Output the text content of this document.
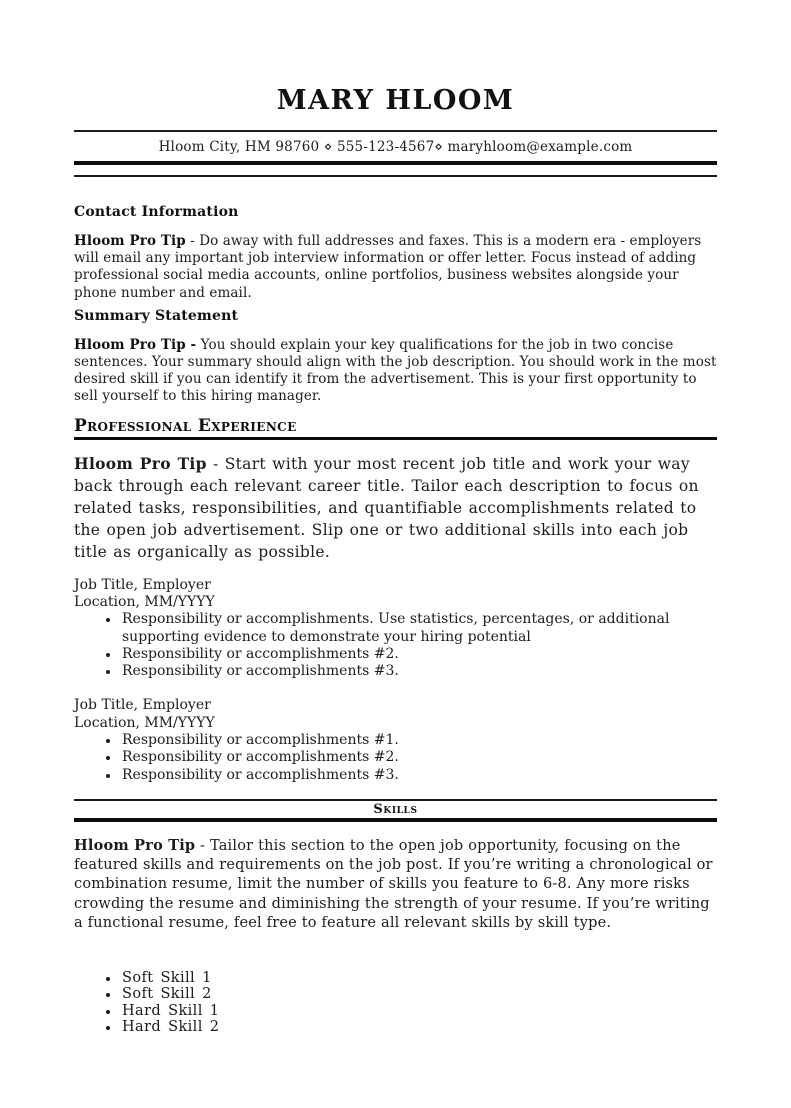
MARY HLOOM
Hloom City, HM 98760 ⋄ 555-123-4567⋄ maryhloom@example.com
Contact Information

Hloom Pro Tip - Do away with full addresses and faxes. This is a modern era - employers will email any important job interview information or offer letter. Focus instead of adding professional social media accounts, online portfolios, business websites alongside your phone number and email.

Summary Statement

Hloom Pro Tip - You should explain your key qualifications for the job in two concise sentences. Your summary should align with the job description. You should work in the most desired skill if you can identify it from the advertisement. This is your first opportunity to sell yourself to this hiring manager.

Professional Experience

Hloom Pro Tip - Start with your most recent job title and work your way back through each relevant career title. Tailor each description to focus on related tasks, responsibilities, and quantifiable accomplishments related to the open job advertisement. Slip one or two additional skills into each job title as organically as possible.

Job Title, Employer
Location, MM/YYYY
• Responsibility or accomplishments. Use statistics, percentages, or additional supporting evidence to demonstrate your hiring potential
• Responsibility or accomplishments #2.
• Responsibility or accomplishments #3.
Job Title, Employer
Location, MM/YYYY
• Responsibility or accomplishments #1.
• Responsibility or accomplishments #2.
• Responsibility or accomplishments #3.
Skills

Hloom Pro Tip - Tailor this section to the open job opportunity, focusing on the featured skills and requirements on the job post. If you’re writing a chronological or combination resume, limit the number of skills you feature to 6-8. Any more risks crowding the resume and diminishing the strength of your resume. If you’re writing a functional resume, feel free to feature all relevant skills by skill type.

• Soft Skill 1
• Soft Skill 2
• Hard Skill 1
• Hard Skill 2
